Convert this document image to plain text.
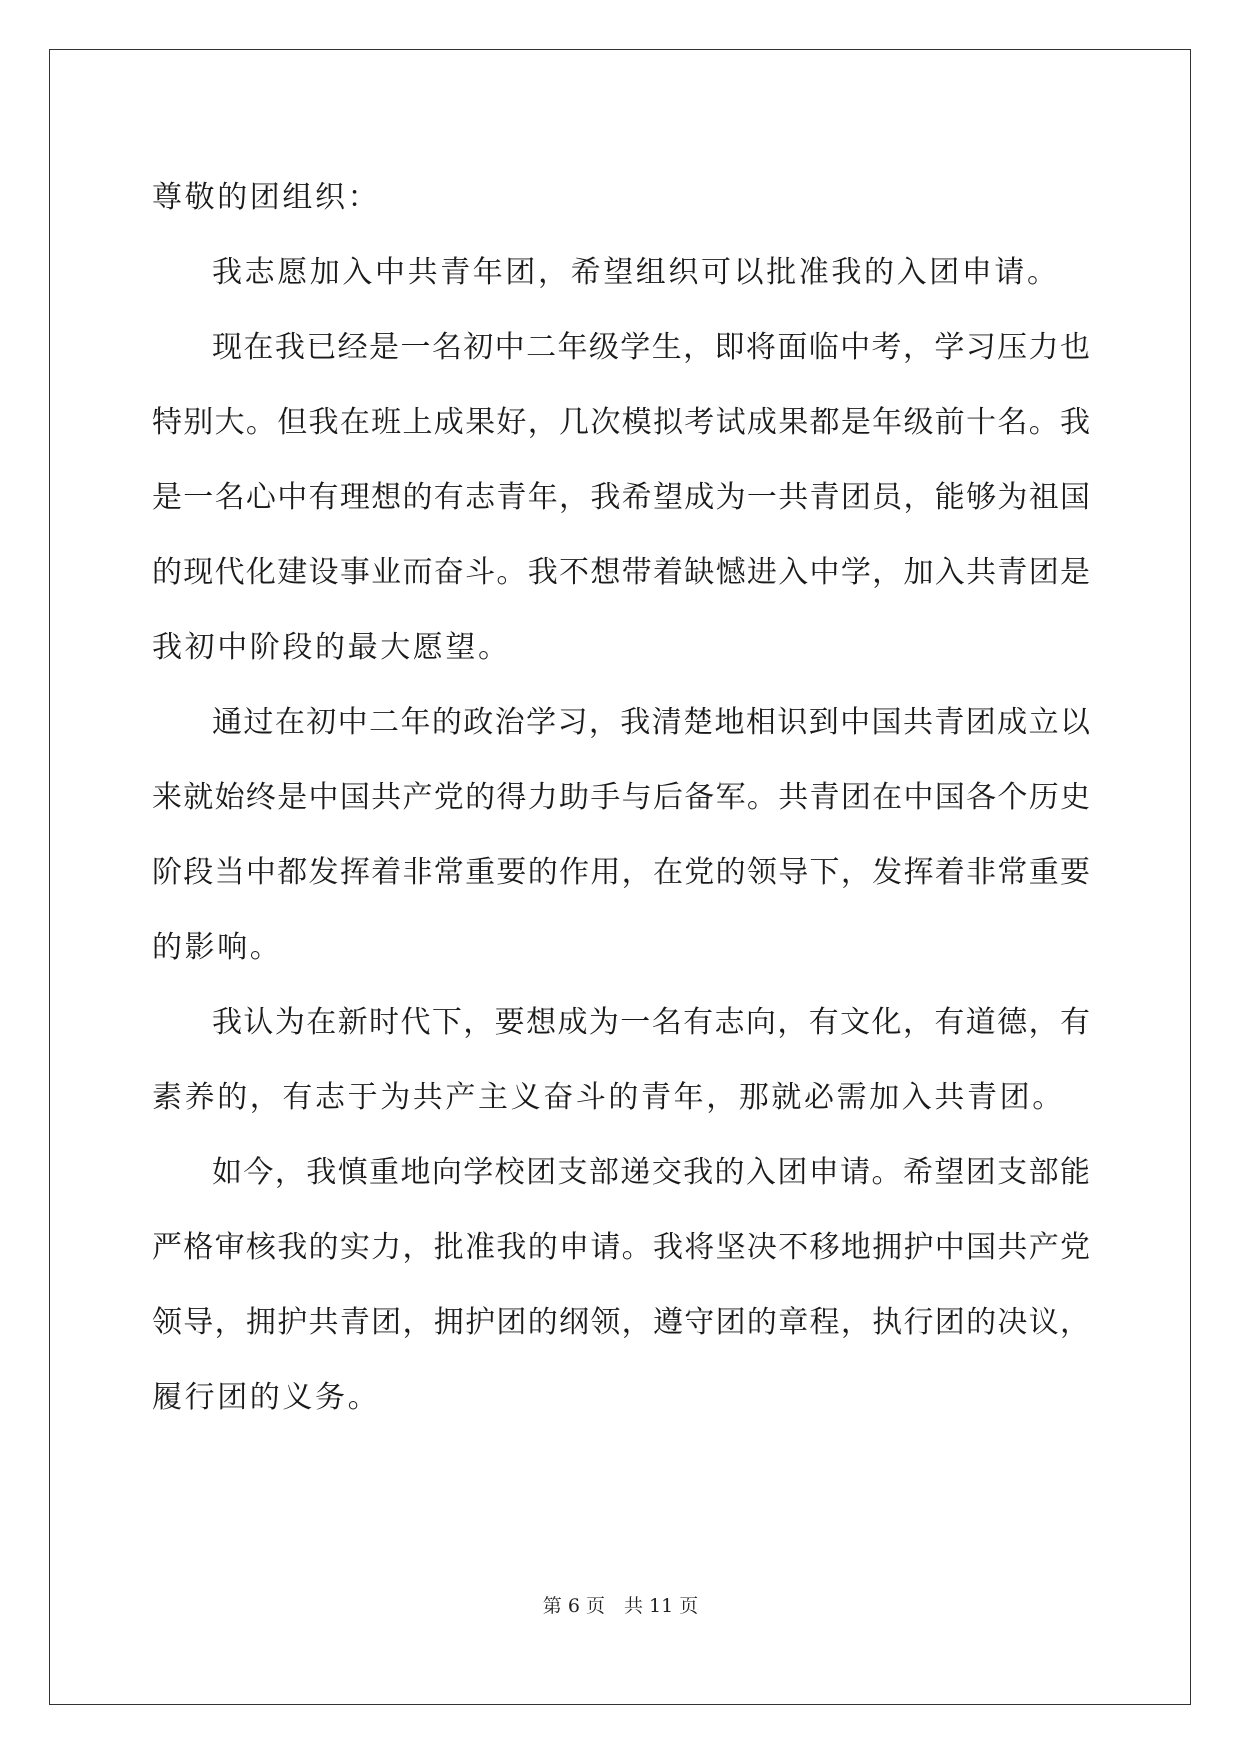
尊敬的团组织：
我志愿加入中共青年团，希望组织可以批准我的入团申请。
现在我已经是一名初中二年级学生，即将面临中考，学习压力也
特别大。但我在班上成果好，几次模拟考试成果都是年级前十名。我
是一名心中有理想的有志青年，我希望成为一共青团员，能够为祖国
的现代化建设事业而奋斗。我不想带着缺憾进入中学，加入共青团是
我初中阶段的最大愿望。
通过在初中二年的政治学习，我清楚地相识到中国共青团成立以
来就始终是中国共产党的得力助手与后备军。共青团在中国各个历史
阶段当中都发挥着非常重要的作用，在党的领导下，发挥着非常重要
的影响。
我认为在新时代下，要想成为一名有志向，有文化，有道德，有
素养的，有志于为共产主义奋斗的青年，那就必需加入共青团。
如今，我慎重地向学校团支部递交我的入团申请。希望团支部能
严格审核我的实力，批准我的申请。我将坚决不移地拥护中国共产党
领导，拥护共青团，拥护团的纲领，遵守团的章程，执行团的决议，
履行团的义务。
第 6 页　共 11 页
